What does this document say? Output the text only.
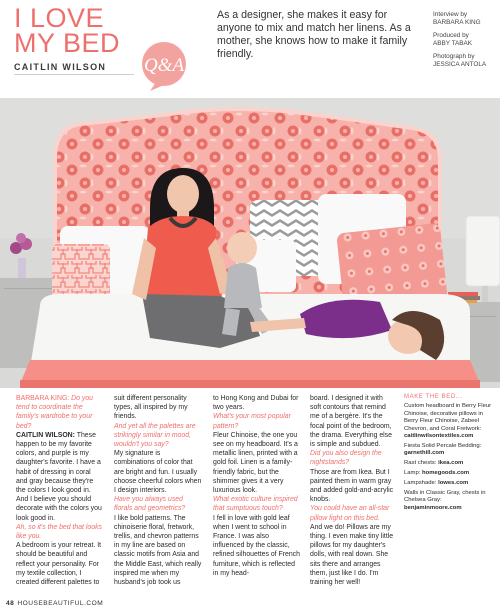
I LOVE
MY BED
CAITLIN WILSON Q&A
As a designer, she makes it easy for anyone to mix and match her linens. As a mother, she knows how to make it family friendly.

Interview by
BARBARA KING

Produced by
ABBY TABAK

Photograph by
JESSICA ANTOLA

BARBARA KING: Do you tend to coordinate the family's wardrobe to your bed?

CAITLIN WILSON: These happen to be my favorite colors, and purple is my daughter's favorite. I have a habit of dressing in coral and gray because they're the colors I look good in. And I believe you should decorate with the colors you look good in.

Ah, so it's the bed that looks like you.

A bedroom is your retreat. It should be beautiful and reflect your personality. For my textile collection, I created different palettes to

suit different personality types, all inspired by my friends.

And yet all the palettes are strikingly similar in mood, wouldn't you say?

My signature is combinations of color that are bright and fun. I usually choose cheerful colors when I design interiors.

Have you always used florals and geometrics?

I like bold patterns. The chinoiserie floral, fretwork, trellis, and chevron patterns in my line are based on classic motifs from Asia and the Middle East, which really inspired me when my husband's job took us

to Hong Kong and Dubai for two years.

What's your most popular pattern?

Fleur Chinoise, the one you see on my headboard. It's a metallic linen, printed with a gold foil. Linen is a family-friendly fabric, but the shimmer gives it a very luxurious look.

What exotic culture inspired that sumptuous touch?

I fell in love with gold leaf when I went to school in France. I was also influenced by the classic, refined silhouettes of French furniture, which is reflected in my head-

board. I designed it with soft contours that remind me of a bergère. It's the focal point of the bedroom, the drama. Everything else is simple and subdued.

Did you also design the nightstands?

Those are from Ikea. But I painted them in warm gray and added gold-and-acrylic knobs.

You could have an all-star pillow fight on this bed.

And we do! Pillows are my thing. I even make tiny little pillows for my daughter's dolls, with real down. She sits there and arranges them, just like I do. I'm training her well!

MAKE THE BED...

Custom headboard in Berry Fleur Chinoise, decorative pillows in Berry Fleur Chinoise, Zabeel Chevron, and Coral Fretwork: caitlinwilsontextiles.com

Fiesta Solid Percale Bedding: garnethill.com

Rast chests: ikea.com

Lamp: homegoods.com

Lampshade: lowes.com

Walls in Classic Gray, chests in Chelsea Gray: benjaminmoore.com

48 HOUSEBEAUTIFUL.COM
